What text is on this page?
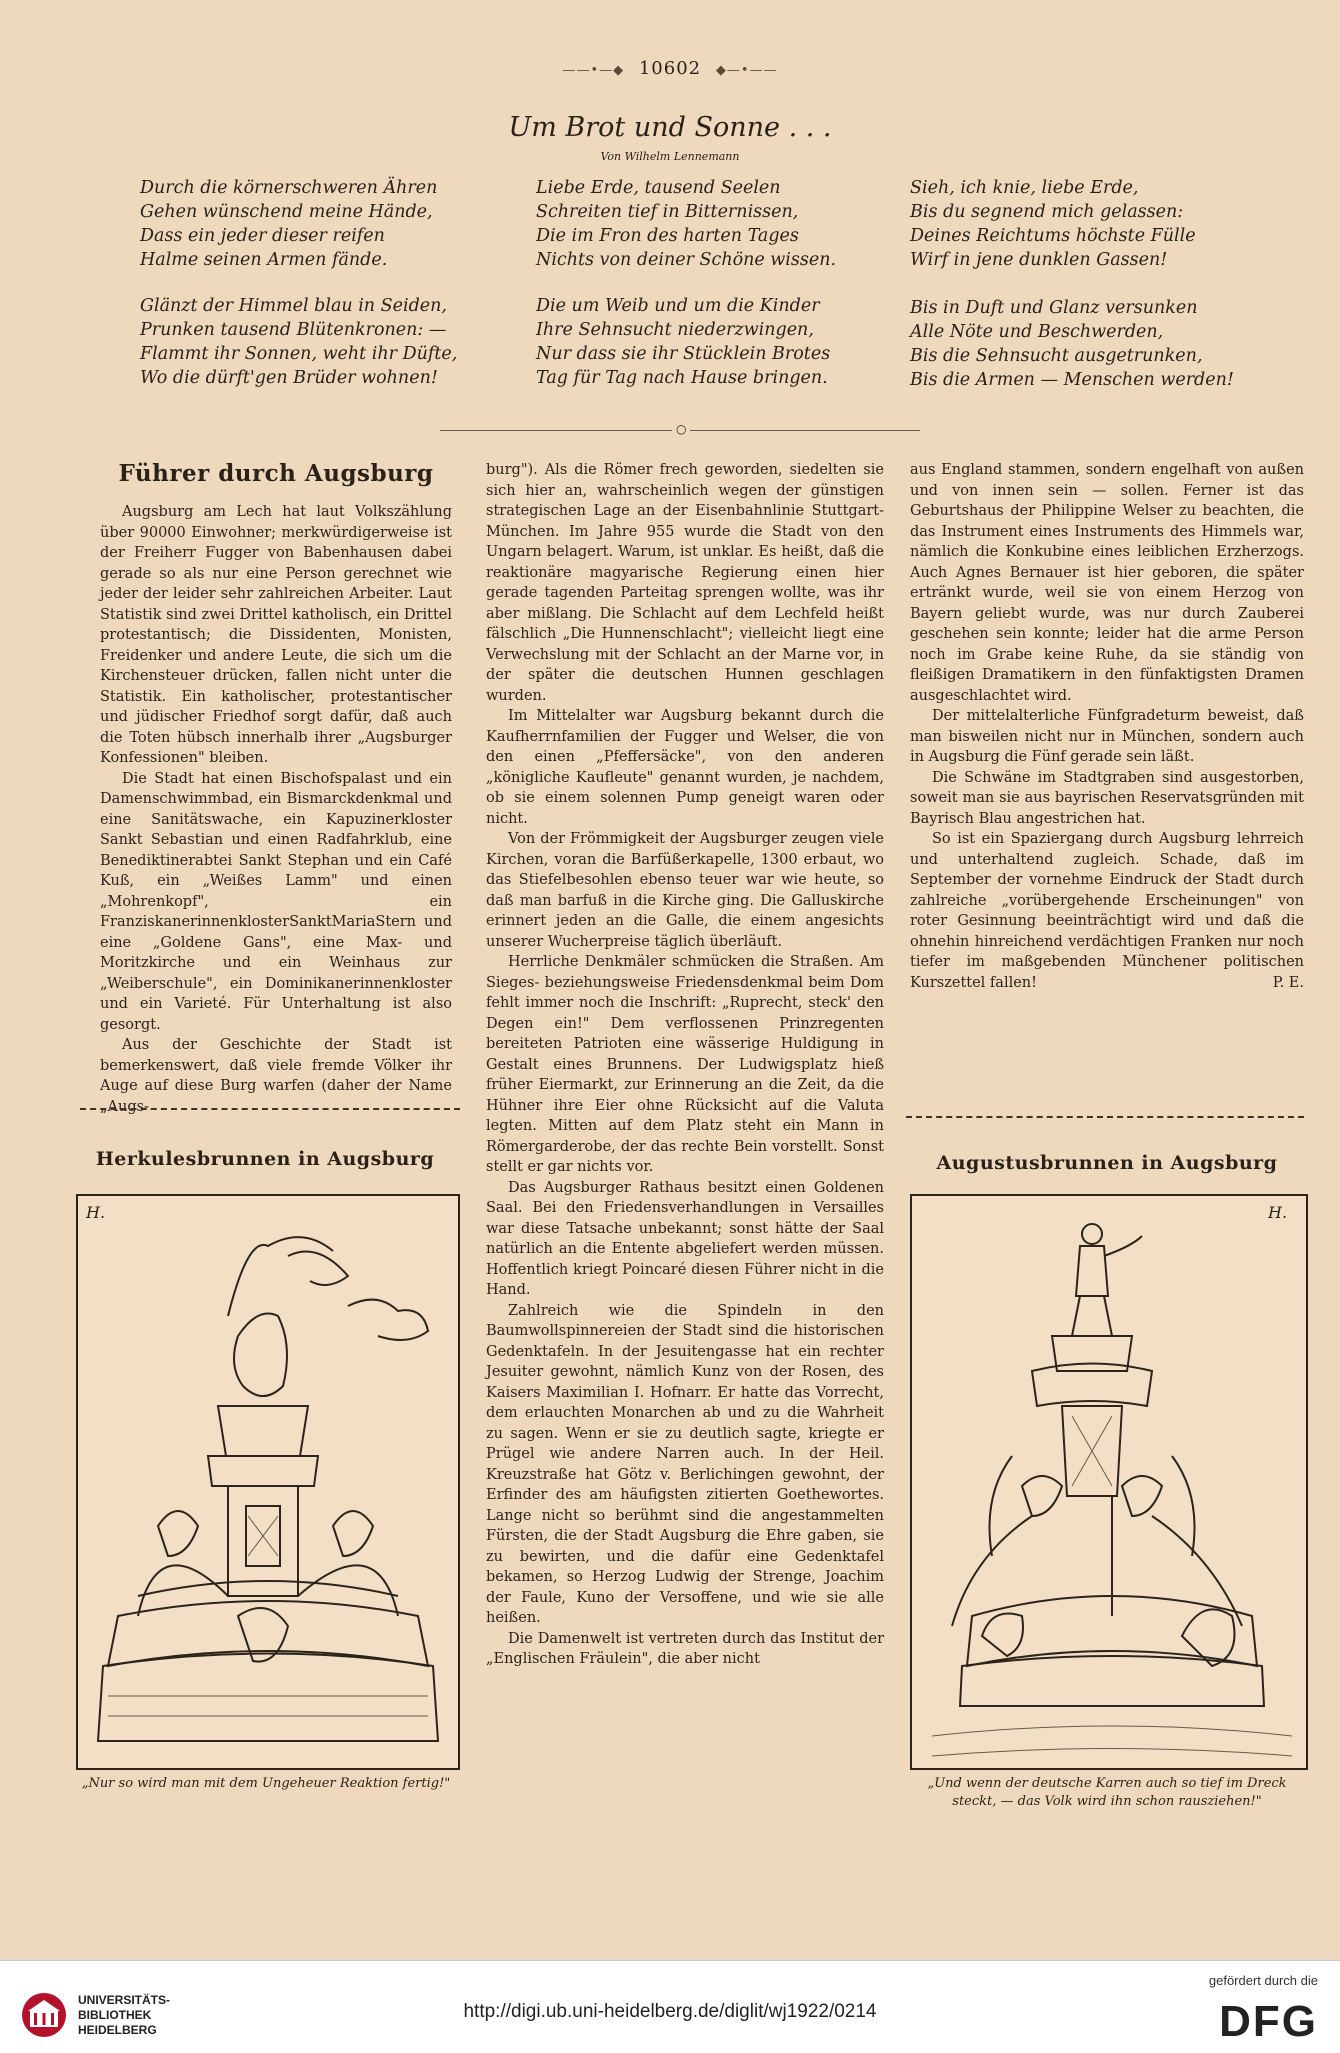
——•—◆ 10602 ◆—•——
Um Brot und Sonne . . .
Von Wilhelm Lennemann
Durch die körnerschweren Ähren
Gehen wünschend meine Hände,
Dass ein jeder dieser reifen
Halme seinen Armen fände.
Liebe Erde, tausend Seelen
Schreiten tief in Bitternissen,
Die im Fron des harten Tages
Nichts von deiner Schöne wissen.
Sieh, ich knie, liebe Erde,
Bis du segnend mich gelassen:
Deines Reichtums höchste Fülle
Wirf in jene dunklen Gassen!
Glänzt der Himmel blau in Seiden,
Prunken tausend Blütenkronen: —
Flammt ihr Sonnen, weht ihr Düfte,
Wo die dürft'gen Brüder wohnen!
Die um Weib und um die Kinder
Ihre Sehnsucht niederzwingen,
Nur dass sie ihr Stücklein Brotes
Tag für Tag nach Hause bringen.
Bis in Duft und Glanz versunken
Alle Nöte und Beschwerden,
Bis die Sehnsucht ausgetrunken,
Bis die Armen — Menschen werden!
○
Führer durch Augsburg

Augsburg am Lech hat laut Volkszählung über 90000 Einwohner; merkwürdigerweise ist der Freiherr Fugger von Babenhausen dabei gerade so als nur eine Person gerechnet wie jeder der leider sehr zahlreichen Arbeiter. Laut Statistik sind zwei Drittel katholisch, ein Drittel protestantisch; die Dissidenten, Monisten, Freidenker und andere Leute, die sich um die Kirchensteuer drücken, fallen nicht unter die Statistik. Ein katholischer, protestantischer und jüdischer Friedhof sorgt dafür, daß auch die Toten hübsch innerhalb ihrer „Augsburger Konfessionen" bleiben.

Die Stadt hat einen Bischofspalast und ein Damenschwimmbad, ein Bismarckdenkmal und eine Sanitätswache, ein Kapuzinerkloster Sankt Sebastian und einen Radfahrklub, eine Benediktinerabtei Sankt Stephan und ein Café Kuß, ein „Weißes Lamm" und einen „Mohrenkopf", ein FranziskanerinnenklosterSanktMariaStern und eine „Goldene Gans", eine Max- und Moritzkirche und ein Weinhaus zur „Weiberschule", ein Dominikanerinnenkloster und ein Varieté. Für Unterhaltung ist also gesorgt.

Aus der Geschichte der Stadt ist bemerkenswert, daß viele fremde Völker ihr Auge auf diese Burg warfen (daher der Name „Augs-

burg"). Als die Römer frech geworden, siedelten sie sich hier an, wahrscheinlich wegen der günstigen strategischen Lage an der Eisenbahnlinie Stuttgart-München. Im Jahre 955 wurde die Stadt von den Ungarn belagert. Warum, ist unklar. Es heißt, daß die reaktionäre magyarische Regierung einen hier gerade tagenden Parteitag sprengen wollte, was ihr aber mißlang. Die Schlacht auf dem Lechfeld heißt fälschlich „Die Hunnenschlacht"; vielleicht liegt eine Verwechslung mit der Schlacht an der Marne vor, in der später die deutschen Hunnen geschlagen wurden.

Im Mittelalter war Augsburg bekannt durch die Kaufherrnfamilien der Fugger und Welser, die von den einen „Pfeffersäcke", von den anderen „königliche Kaufleute" genannt wurden, je nachdem, ob sie einem solennen Pump geneigt waren oder nicht.

Von der Frömmigkeit der Augsburger zeugen viele Kirchen, voran die Barfüßerkapelle, 1300 erbaut, wo das Stiefelbesohlen ebenso teuer war wie heute, so daß man barfuß in die Kirche ging. Die Galluskirche erinnert jeden an die Galle, die einem angesichts unserer Wucherpreise täglich überläuft.

Herrliche Denkmäler schmücken die Straßen. Am Sieges- beziehungsweise Friedensdenkmal beim Dom fehlt immer noch die Inschrift: „Ruprecht, steck' den Degen ein!" Dem verflossenen Prinzregenten bereiteten Patrioten eine wässerige Huldigung in Gestalt eines Brunnens. Der Ludwigsplatz hieß früher Eiermarkt, zur Erinnerung an die Zeit, da die Hühner ihre Eier ohne Rücksicht auf die Valuta legten. Mitten auf dem Platz steht ein Mann in Römergarderobe, der das rechte Bein vorstellt. Sonst stellt er gar nichts vor.

Das Augsburger Rathaus besitzt einen Goldenen Saal. Bei den Friedensverhandlungen in Versailles war diese Tatsache unbekannt; sonst hätte der Saal natürlich an die Entente abgeliefert werden müssen. Hoffentlich kriegt Poincaré diesen Führer nicht in die Hand.

Zahlreich wie die Spindeln in den Baumwollspinnereien der Stadt sind die historischen Gedenktafeln. In der Jesuitengasse hat ein rechter Jesuiter gewohnt, nämlich Kunz von der Rosen, des Kaisers Maximilian I. Hofnarr. Er hatte das Vorrecht, dem erlauchten Monarchen ab und zu die Wahrheit zu sagen. Wenn er sie zu deutlich sagte, kriegte er Prügel wie andere Narren auch. In der Heil. Kreuzstraße hat Götz v. Berlichingen gewohnt, der Erfinder des am häufigsten zitierten Goethewortes. Lange nicht so berühmt sind die angestammelten Fürsten, die der Stadt Augsburg die Ehre gaben, sie zu bewirten, und die dafür eine Gedenktafel bekamen, so Herzog Ludwig der Strenge, Joachim der Faule, Kuno der Versoffene, und wie sie alle heißen.

Die Damenwelt ist vertreten durch das Institut der „Englischen Fräulein", die aber nicht

aus England stammen, sondern engelhaft von außen und von innen sein — sollen. Ferner ist das Geburtshaus der Philippine Welser zu beachten, die das Instrument eines Instruments des Himmels war, nämlich die Konkubine eines leiblichen Erzherzogs. Auch Agnes Bernauer ist hier geboren, die später ertränkt wurde, weil sie von einem Herzog von Bayern geliebt wurde, was nur durch Zauberei geschehen sein konnte; leider hat die arme Person noch im Grabe keine Ruhe, da sie ständig von fleißigen Dramatikern in den fünfaktigsten Dramen ausgeschlachtet wird.

Der mittelalterliche Fünfgradeturm beweist, daß man bisweilen nicht nur in München, sondern auch in Augsburg die Fünf gerade sein läßt.

Die Schwäne im Stadtgraben sind ausgestorben, soweit man sie aus bayrischen Reservatsgründen mit Bayrisch Blau angestrichen hat.

So ist ein Spaziergang durch Augsburg lehrreich und unterhaltend zugleich. Schade, daß im September der vornehme Eindruck der Stadt durch zahlreiche „vorübergehende Erscheinungen" von roter Gesinnung beeinträchtigt wird und daß die ohnehin hinreichend verdächtigen Franken nur noch tiefer im maßgebenden Münchener politischen Kurszettel fallen!	P. E.

Herkulesbrunnen in Augsburg
H.
„Nur so wird man mit dem Ungeheuer Reaktion fertig!"
Augustusbrunnen in Augsburg
H.
„Und wenn der deutsche Karren auch so tief im Dreck steckt, — das Volk wird ihn schon rausziehen!"
UNIVERSITÄTS-
BIBLIOTHEK
HEIDELBERG
http://digi.ub.uni-heidelberg.de/diglit/wj1922/0214
gefördert durch die
DFG
